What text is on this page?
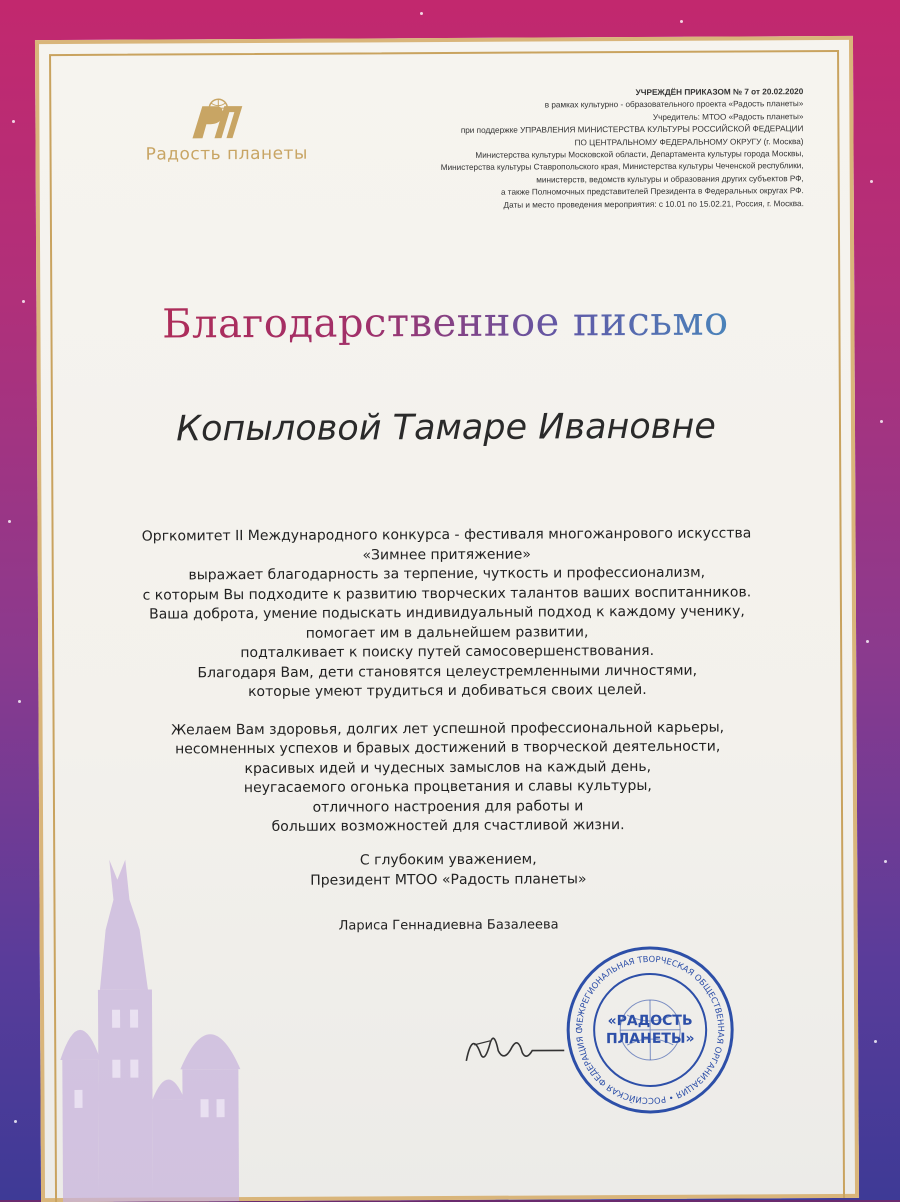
Радость планеты
УЧРЕЖДЁН ПРИКАЗОМ № 7 от 20.02.2020
в рамках культурно - образовательного проекта «Радость планеты»
Учредитель: МТОО «Радость планеты»
при поддержке УПРАВЛЕНИЯ МИНИСТЕРСТВА КУЛЬТУРЫ РОССИЙСКОЙ ФЕДЕРАЦИИ
ПО ЦЕНТРАЛЬНОМУ ФЕДЕРАЛЬНОМУ ОКРУГУ (г. Москва)
Министерства культуры Московской области, Департамента культуры города Москвы,
Министерства культуры Ставропольского края, Министерства культуры Чеченской республики,
министерств, ведомств культуры и образования других субъектов РФ,
а также Полномочных представителей Президента в Федеральных округах РФ.
Даты и место проведения мероприятия: с 10.01 по 15.02.21, Россия, г. Москва.
Благодарственное письмо
Копыловой Тамаре Ивановне
Оргкомитет II Международного конкурса - фестиваля многожанрового искусства
«Зимнее притяжение»
выражает благодарность за терпение, чуткость и профессионализм,
с которым Вы подходите к развитию творческих талантов ваших воспитанников.
Ваша доброта, умение подыскать индивидуальный подход к каждому ученику,
помогает им в дальнейшем развитии,
подталкивает к поиску путей самосовершенствования.
Благодаря Вам, дети становятся целеустремленными личностями,
которые умеют трудиться и добиваться своих целей.
Желаем Вам здоровья, долгих лет успешной профессиональной карьеры,
несомненных успехов и бравых достижений в творческой деятельности,
красивых идей и чудесных замыслов на каждый день,
неугасаемого огонька процветания и славы культуры,
отличного настроения для работы и
больших возможностей для счастливой жизни.
С глубоким уважением,
Президент МТОО «Радость планеты»
Лариса Геннадиевна Базалеева
МЕЖРЕГИОНАЛЬНАЯ ТВОРЧЕСКАЯ ОБЩЕСТВЕННАЯ ОРГАНИЗАЦИЯ • РОССИЙСКАЯ ФЕДЕРАЦИЯ СТАВРОПОЛЬСКИЙ
«РАДОСТЬ
ПЛАНЕТЫ»
